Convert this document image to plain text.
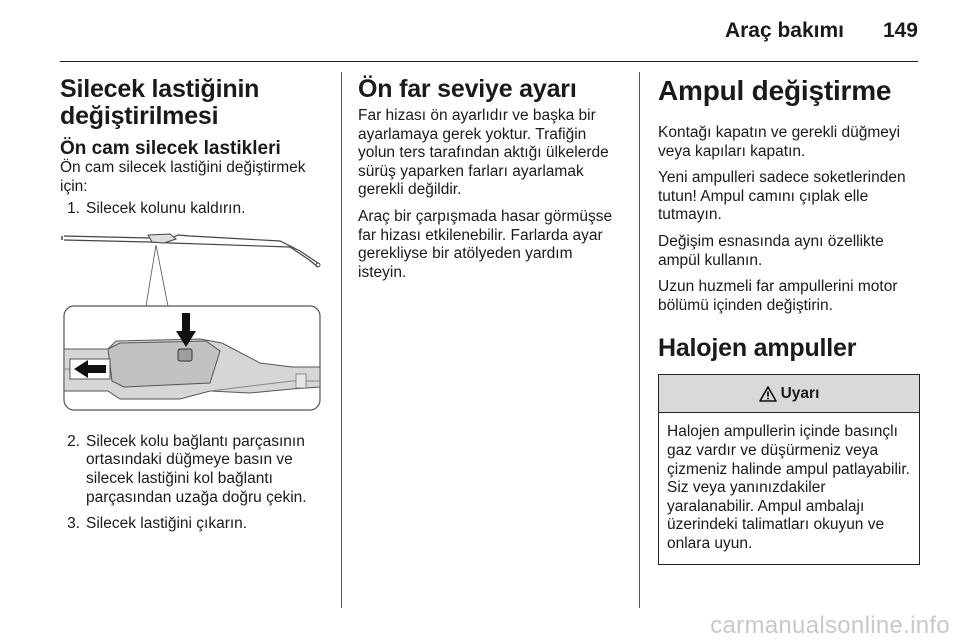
Araç bakımı 149
Silecek lastiğinin değiştirilmesi
Ön cam silecek lastikleri
Ön cam silecek lastiğini değiştirmek için:
1. Silecek kolunu kaldırın.
2. Silecek kolu bağlantı parçasının ortasındaki düğmeye basın ve silecek lastiğini kol bağlantı parçasından uzağa doğru çekin.
3. Silecek lastiğini çıkarın.
Ön far seviye ayarı

Far hizası ön ayarlıdır ve başka bir ayarlamaya gerek yoktur. Trafiğin yolun ters tarafından aktığı ülkelerde sürüş yaparken farları ayarlamak gerekli değildir.

Araç bir çarpışmada hasar görmüşse far hizası etkilenebilir. Farlarda ayar gerekliyse bir atölyeden yardım isteyin.

Ampul değiştirme

Kontağı kapatın ve gerekli düğmeyi veya kapıları kapatın.

Yeni ampulleri sadece soketlerinden tutun! Ampul camını çıplak elle tutmayın.

Değişim esnasında aynı özellikte ampül kullanın.

Uzun huzmeli far ampullerini motor bölümü içinden değiştirin.

Halojen ampuller
Uyarı
Halojen ampullerin içinde basınçlı gaz vardır ve düşürmeniz veya çizmeniz halinde ampul patlayabilir. Siz veya yanınızdakiler yaralanabilir. Ampul ambalajı üzerindeki talimatları okuyun ve onlara uyun.
carmanualsonline.info
